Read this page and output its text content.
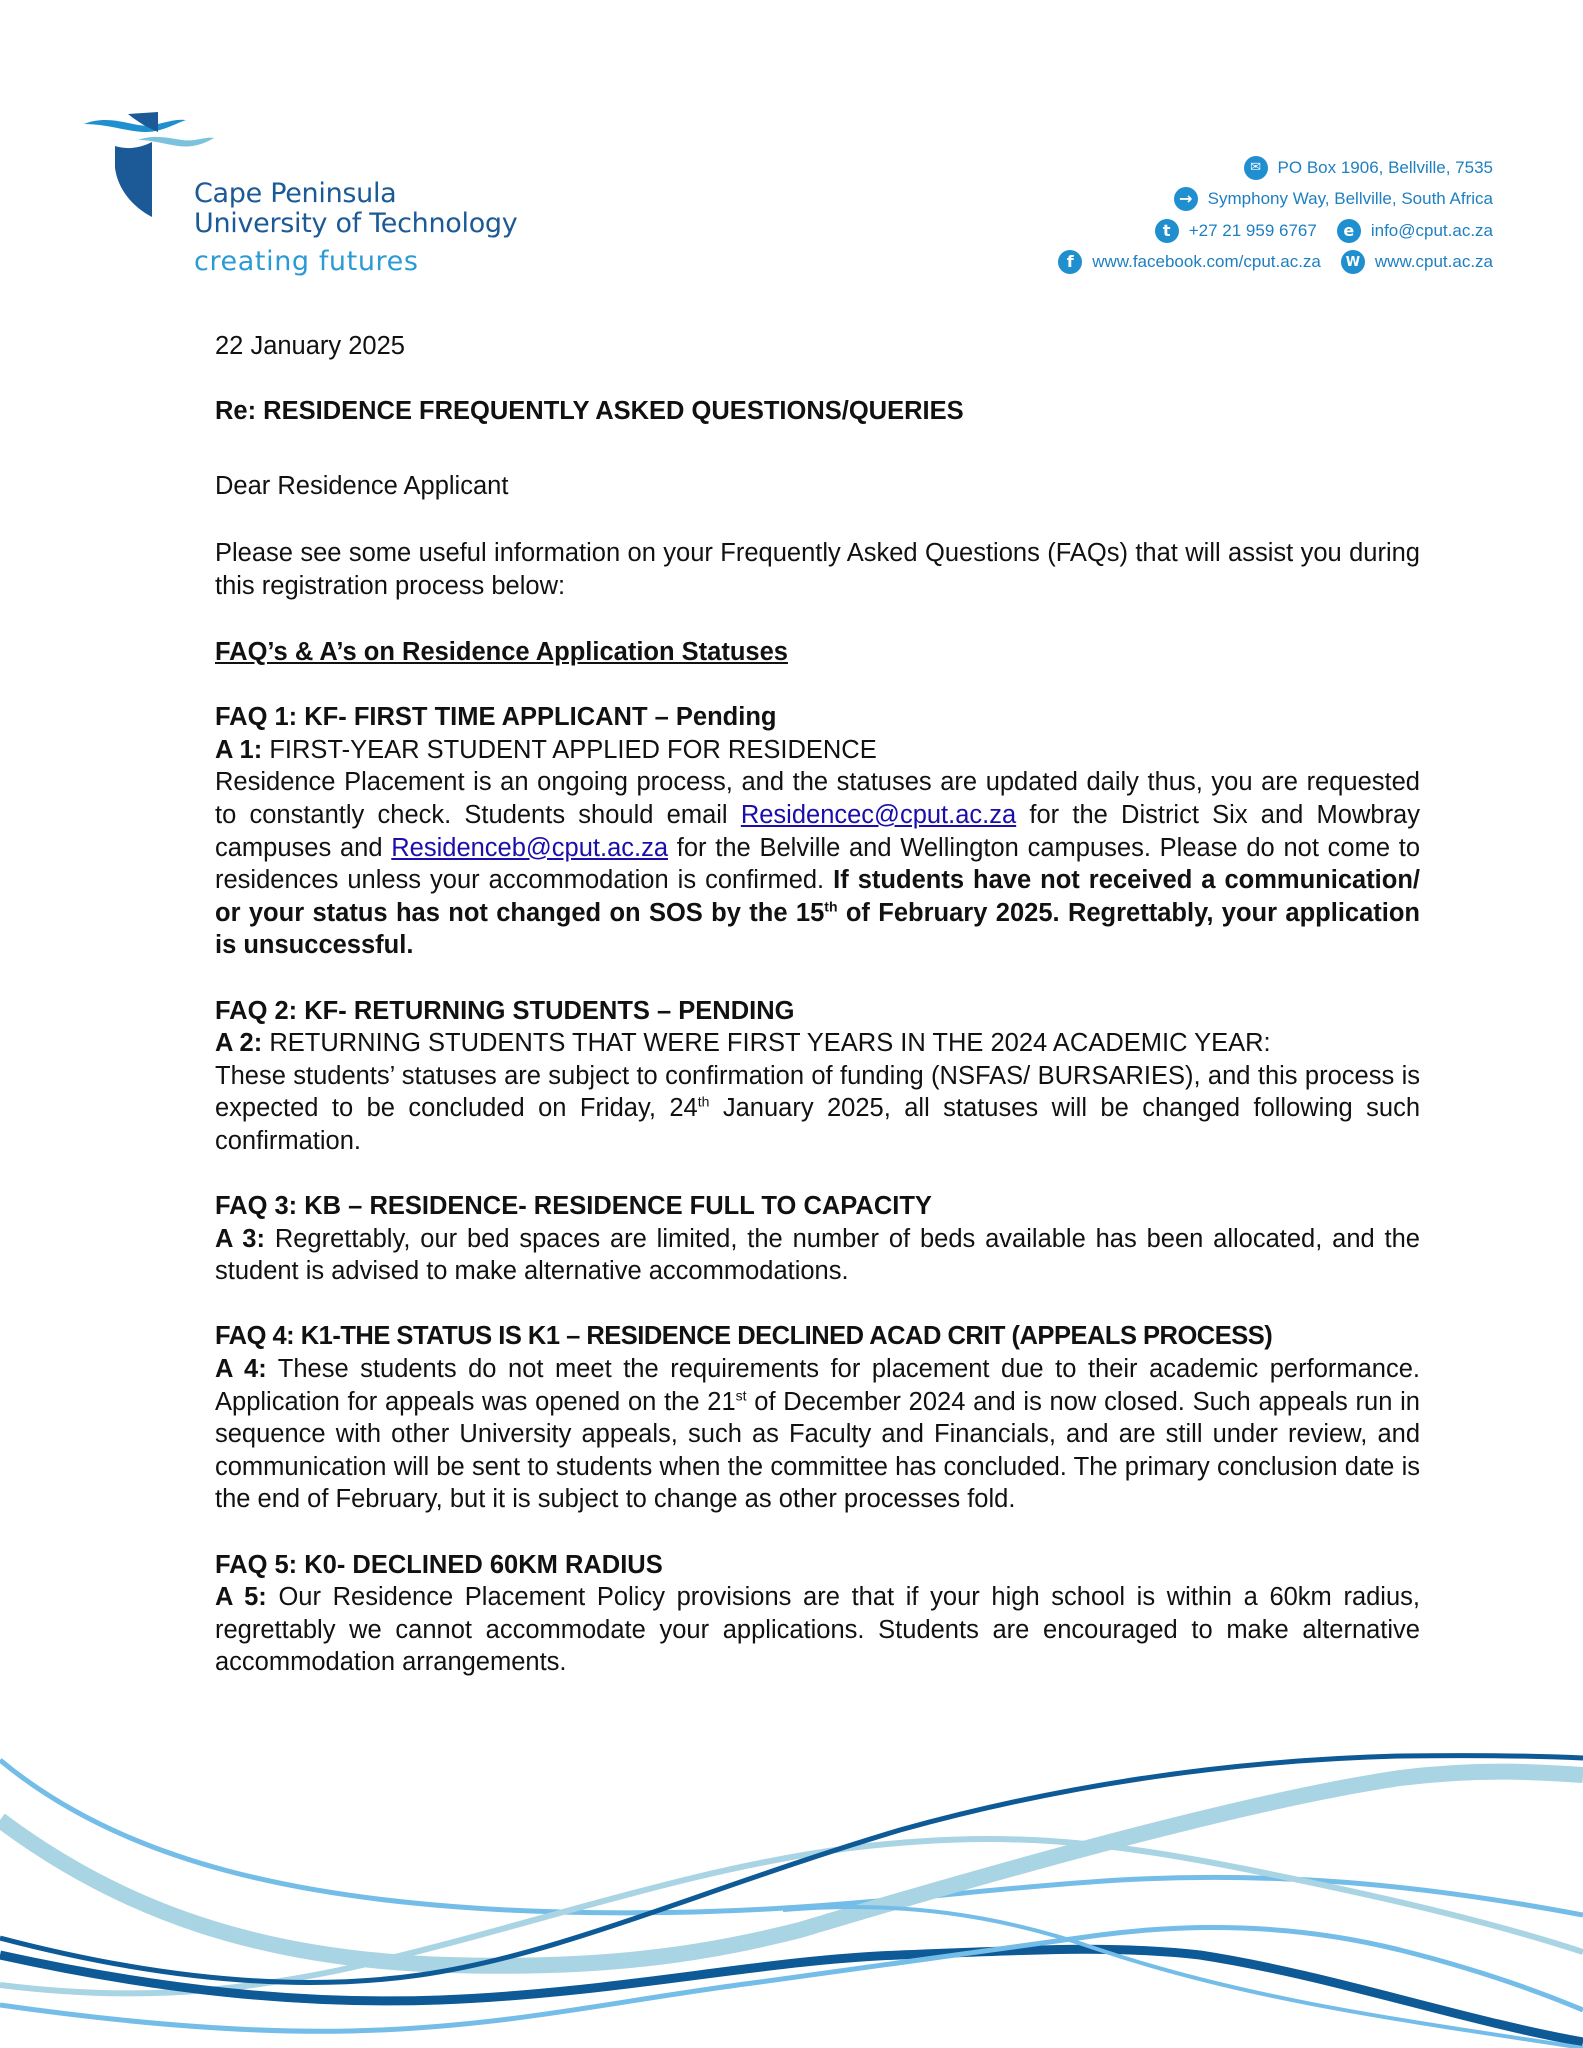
Cape Peninsula
University of Technology
creating futures
✉ PO Box 1906, Bellville, 7535
→ Symphony Way, Bellville, South Africa
t	+27 21 959 6767	e info@cput.ac.za
f	www.facebook.com/cput.ac.za	W www.cput.ac.za

22 January 2025

Re: RESIDENCE FREQUENTLY ASKED QUESTIONS/QUERIES

Dear Residence Applicant

Please see some useful information on your Frequently Asked Questions (FAQs) that will assist you during this registration process below:

FAQ’s & A’s on Residence Application Statuses

FAQ 1: KF- FIRST TIME APPLICANT – Pending

A 1: FIRST-YEAR STUDENT APPLIED FOR RESIDENCE

Residence Placement is an ongoing process, and the statuses are updated daily thus, you are requested to constantly check. Students should email Residencec@cput.ac.za for the District Six and Mowbray campuses and Residenceb@cput.ac.za for the Belville and Wellington campuses. Please do not come to residences unless your accommodation is confirmed. If students have not received a communication/ or your status has not changed on SOS by the 15th of February 2025. Regrettably, your application is unsuccessful.

FAQ 2: KF- RETURNING STUDENTS – PENDING

A 2: RETURNING STUDENTS THAT WERE FIRST YEARS IN THE 2024 ACADEMIC YEAR:

These students’ statuses are subject to confirmation of funding (NSFAS/ BURSARIES), and this process is expected to be concluded on Friday, 24th January 2025, all statuses will be changed following such confirmation.

FAQ 3: KB – RESIDENCE- RESIDENCE FULL TO CAPACITY

A 3: Regrettably, our bed spaces are limited, the number of beds available has been allocated, and the student is advised to make alternative accommodations.

FAQ 4: K1-THE STATUS IS K1 – RESIDENCE DECLINED ACAD CRIT (APPEALS PROCESS)

A 4: These students do not meet the requirements for placement due to their academic performance. Application for appeals was opened on the 21st of December 2024 and is now closed. Such appeals run in sequence with other University appeals, such as Faculty and Financials, and are still under review, and communication will be sent to students when the committee has concluded. The primary conclusion date is the end of February, but it is subject to change as other processes fold.

FAQ 5: K0- DECLINED 60KM RADIUS

A 5: Our Residence Placement Policy provisions are that if your high school is within a 60km radius, regrettably we cannot accommodate your applications. Students are encouraged to make alternative accommodation arrangements.
